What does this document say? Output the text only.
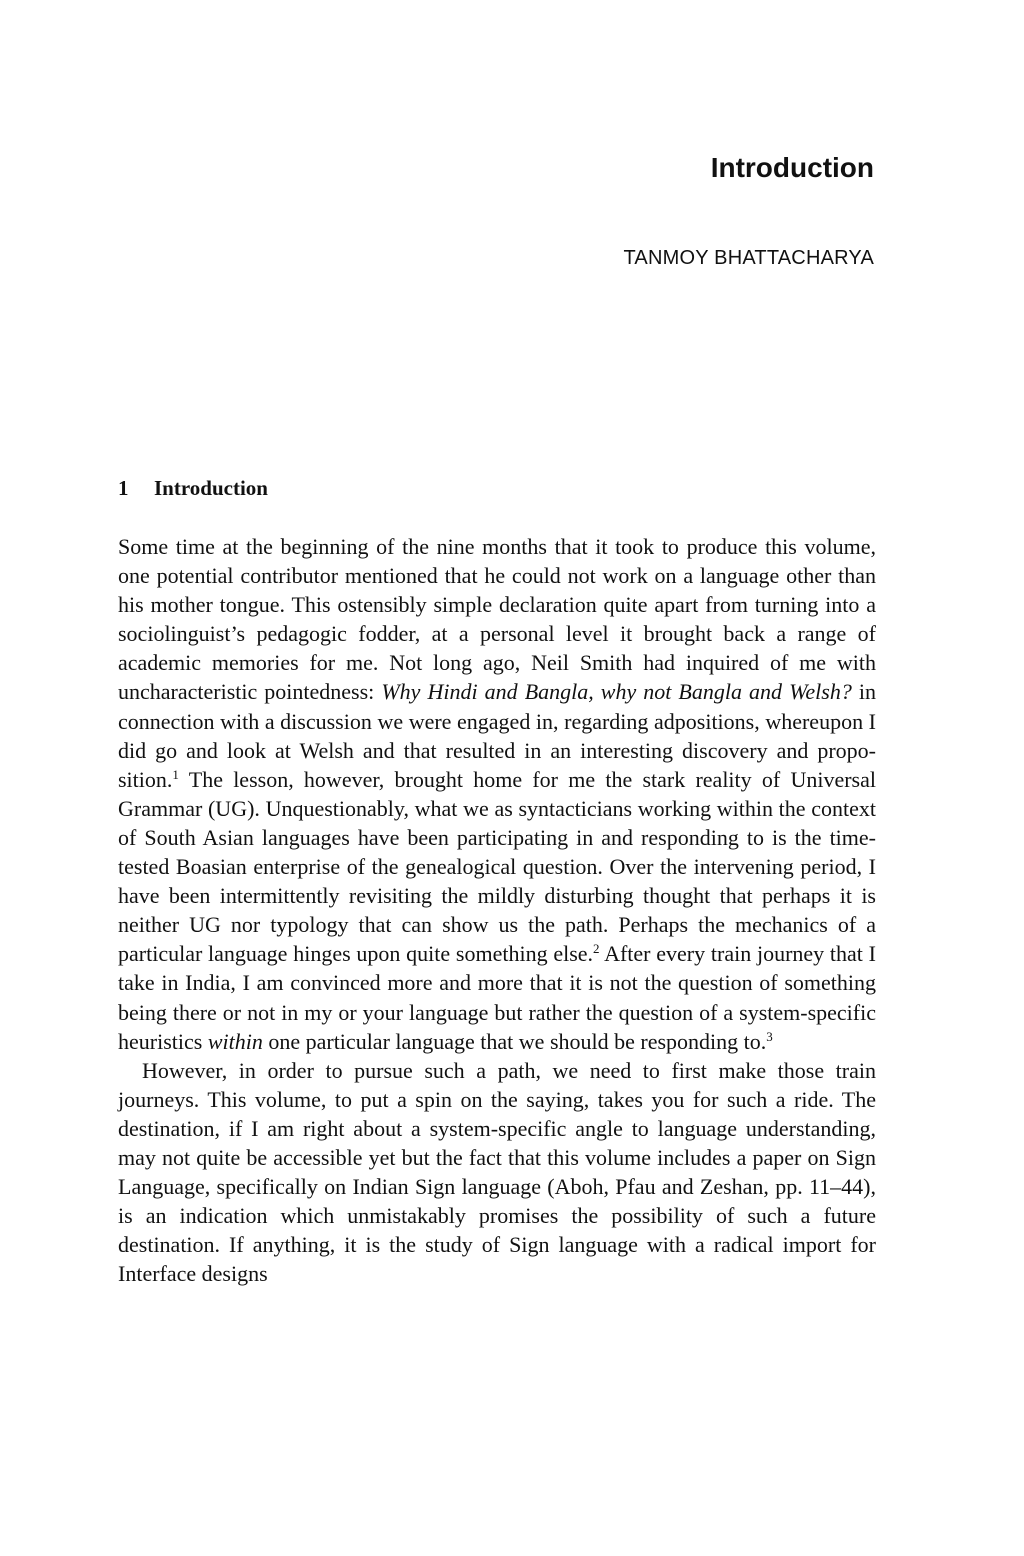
Introduction
TANMOY BHATTACHARYA
1 Introduction

Some time at the beginning of the nine months that it took to produce this volume, one potential contributor mentioned that he could not work on a language other than his mother tongue. This ostensibly simple declaration quite apart from turning into a sociolinguist’s pedagogic fodder, at a personal level it brought back a range of academic memories for me. Not long ago, Neil Smith had inquired of me with uncharacteristic pointedness: Why Hindi and Bangla, why not Bangla and Welsh? in connection with a discussion we were engaged in, regarding adpositions, whereupon I did go and look at Welsh and that resulted in an interesting discovery and proposition.$^1$ The lesson, however, brought home for me the stark reality of Universal Grammar (UG). Unquestionably, what we as syntacticians working within the context of South Asian languages have been participating in and responding to is the time-tested Boasian enterprise of the genealogical question. Over the intervening period, I have been intermittently revisiting the mildly disturbing thought that perhaps it is neither UG nor typology that can show us the path. Perhaps the mechanics of a particular language hinges upon quite something else.$^2$ After every train journey that I take in India, I am convinced more and more that it is not the question of something being there or not in my or your language but rather the question of a system-specific heuristics within one particular language that we should be responding to.$^3$

However, in order to pursue such a path, we need to first make those train journeys. This volume, to put a spin on the saying, takes you for such a ride. The destination, if I am right about a system-specific angle to language understanding, may not quite be accessible yet but the fact that this volume includes a paper on Sign Language, specifically on Indian Sign language (Aboh, Pfau and Zeshan, pp. 11–44), is an indication which unmistakably promises the possibility of such a future destination. If anything, it is the study of Sign language with a radical import for Interface designs
